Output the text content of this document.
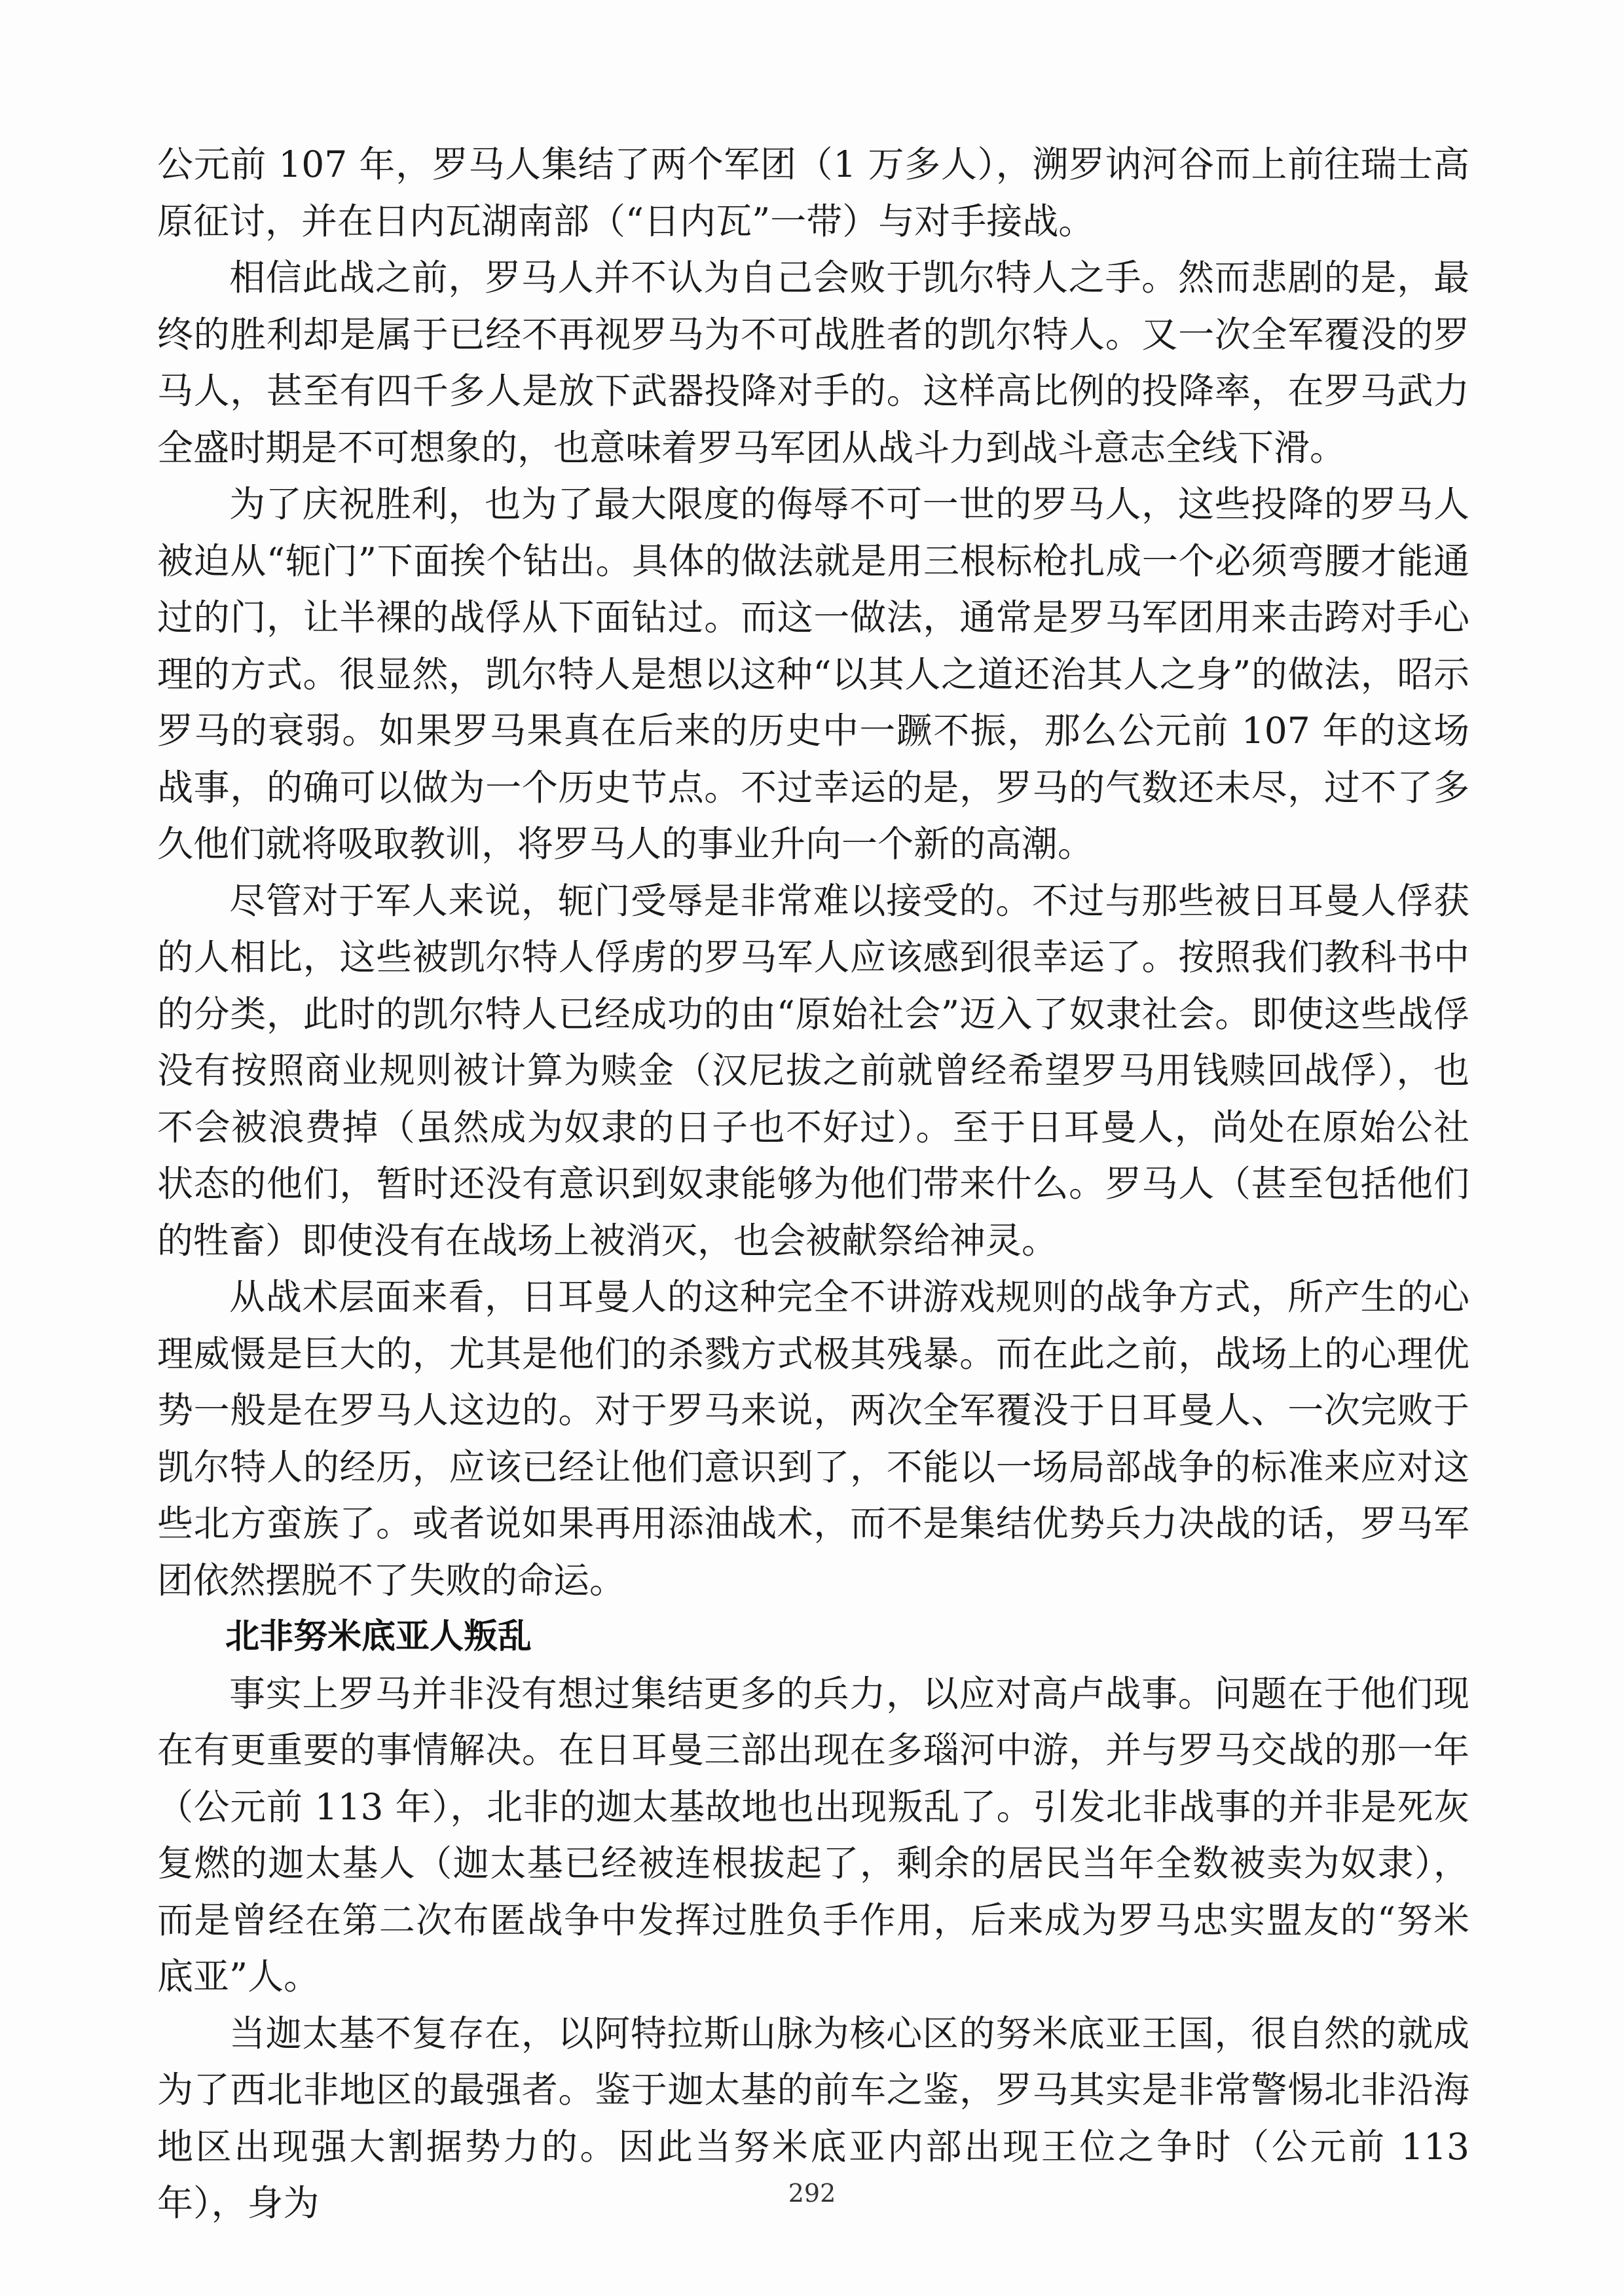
公元前 107 年，罗马人集结了两个军团（1 万多人），溯罗讷河谷而上前往瑞士高原征讨，并在日内瓦湖南部（“日内瓦”一带）与对手接战。

相信此战之前，罗马人并不认为自己会败于凯尔特人之手。然而悲剧的是，最终的胜利却是属于已经不再视罗马为不可战胜者的凯尔特人。又一次全军覆没的罗马人，甚至有四千多人是放下武器投降对手的。这样高比例的投降率，在罗马武力全盛时期是不可想象的，也意味着罗马军团从战斗力到战斗意志全线下滑。

为了庆祝胜利，也为了最大限度的侮辱不可一世的罗马人，这些投降的罗马人被迫从“轭门”下面挨个钻出。具体的做法就是用三根标枪扎成一个必须弯腰才能通过的门，让半裸的战俘从下面钻过。而这一做法，通常是罗马军团用来击跨对手心理的方式。很显然，凯尔特人是想以这种“以其人之道还治其人之身”的做法，昭示罗马的衰弱。如果罗马果真在后来的历史中一蹶不振，那么公元前 107 年的这场战事，的确可以做为一个历史节点。不过幸运的是，罗马的气数还未尽，过不了多久他们就将吸取教训，将罗马人的事业升向一个新的高潮。

尽管对于军人来说，轭门受辱是非常难以接受的。不过与那些被日耳曼人俘获的人相比，这些被凯尔特人俘虏的罗马军人应该感到很幸运了。按照我们教科书中的分类，此时的凯尔特人已经成功的由“原始社会”迈入了奴隶社会。即使这些战俘没有按照商业规则被计算为赎金（汉尼拔之前就曾经希望罗马用钱赎回战俘），也不会被浪费掉（虽然成为奴隶的日子也不好过）。至于日耳曼人，尚处在原始公社状态的他们，暂时还没有意识到奴隶能够为他们带来什么。罗马人（甚至包括他们的牲畜）即使没有在战场上被消灭，也会被献祭给神灵。

从战术层面来看，日耳曼人的这种完全不讲游戏规则的战争方式，所产生的心理威慑是巨大的，尤其是他们的杀戮方式极其残暴。而在此之前，战场上的心理优势一般是在罗马人这边的。对于罗马来说，两次全军覆没于日耳曼人、一次完败于凯尔特人的经历，应该已经让他们意识到了，不能以一场局部战争的标准来应对这些北方蛮族了。或者说如果再用添油战术，而不是集结优势兵力决战的话，罗马军团依然摆脱不了失败的命运。

北非努米底亚人叛乱

事实上罗马并非没有想过集结更多的兵力，以应对高卢战事。问题在于他们现在有更重要的事情解决。在日耳曼三部出现在多瑙河中游，并与罗马交战的那一年（公元前 113 年），北非的迦太基故地也出现叛乱了。引发北非战事的并非是死灰复燃的迦太基人（迦太基已经被连根拔起了，剩余的居民当年全数被卖为奴隶），而是曾经在第二次布匿战争中发挥过胜负手作用，后来成为罗马忠实盟友的“努米底亚”人。

当迦太基不复存在，以阿特拉斯山脉为核心区的努米底亚王国，很自然的就成为了西北非地区的最强者。鉴于迦太基的前车之鉴，罗马其实是非常警惕北非沿海地区出现强大割据势力的。因此当努米底亚内部出现王位之争时（公元前 113 年），身为	292
